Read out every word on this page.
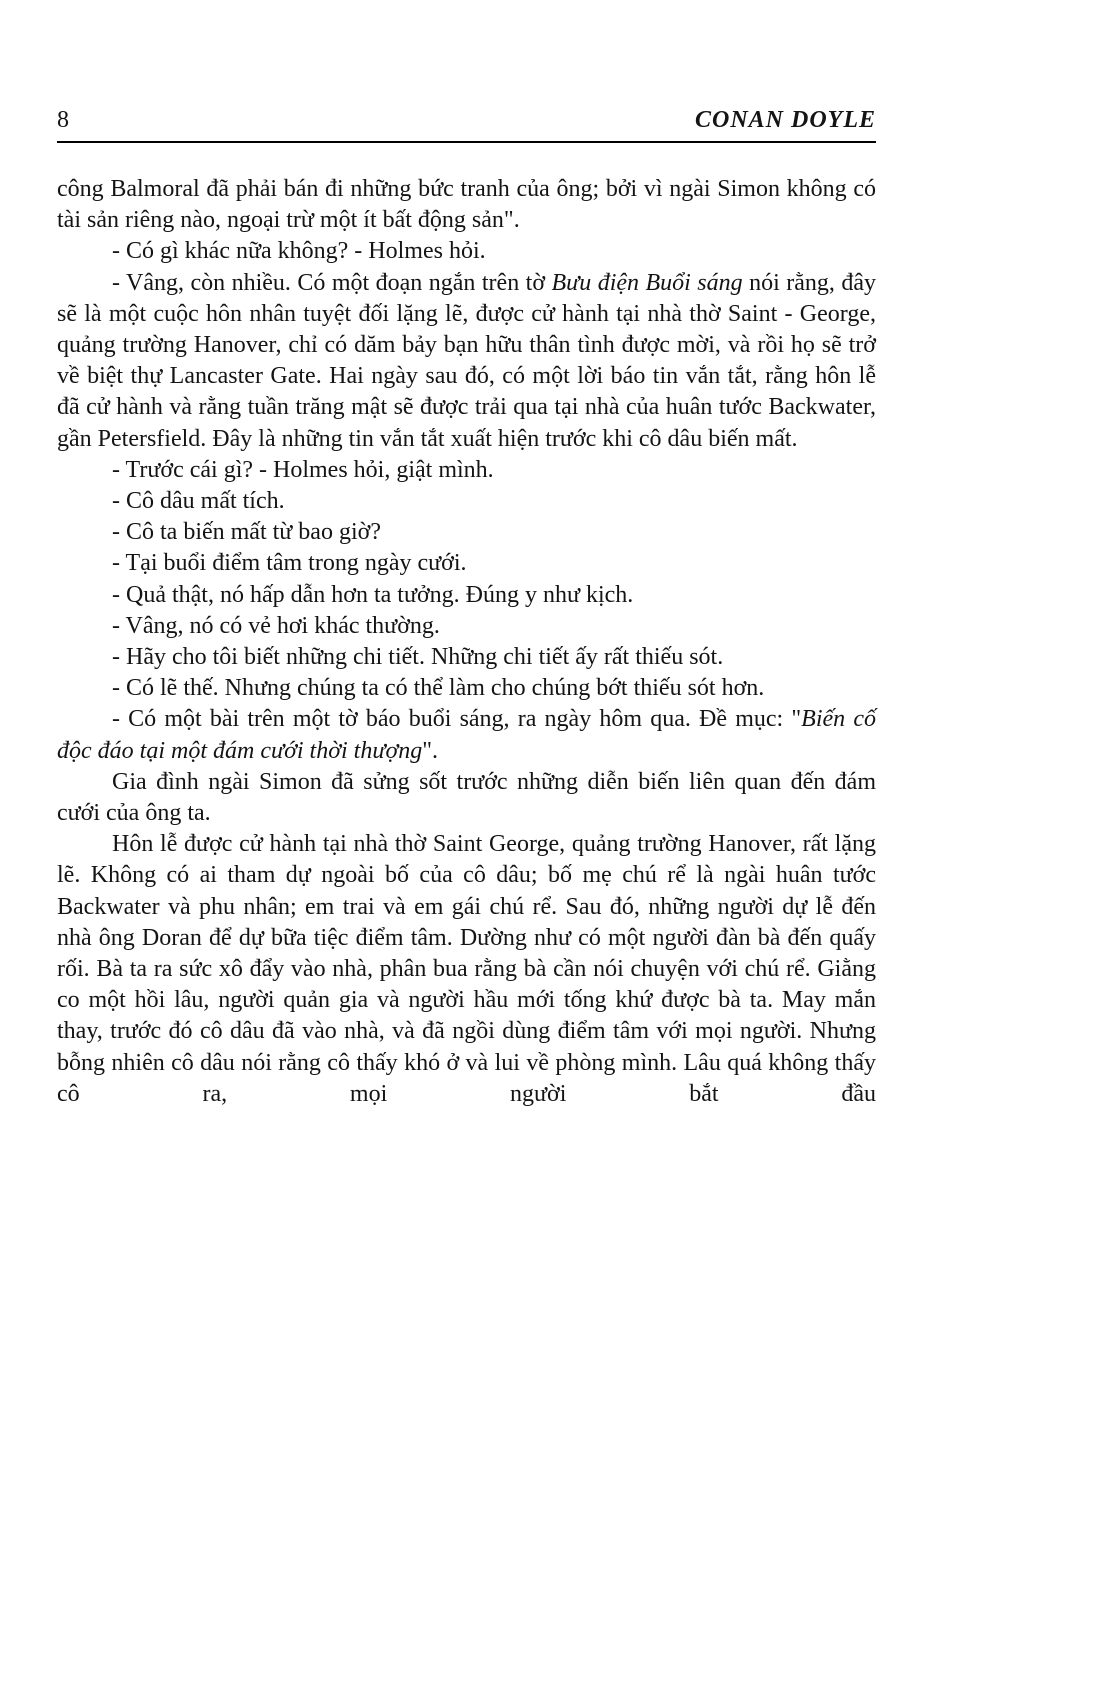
8	CONAN DOYLE

công Balmoral đã phải bán đi những bức tranh của ông; bởi vì ngài Simon không có tài sản riêng nào, ngoại trừ một ít bất động sản".

- Có gì khác nữa không? - Holmes hỏi.

- Vâng, còn nhiều. Có một đoạn ngắn trên tờ Bưu điện Buổi sáng nói rằng, đây sẽ là một cuộc hôn nhân tuyệt đối lặng lẽ, được cử hành tại nhà thờ Saint - George, quảng trường Hanover, chỉ có dăm bảy bạn hữu thân tình được mời, và rồi họ sẽ trở về biệt thự Lancaster Gate. Hai ngày sau đó, có một lời báo tin vắn tắt, rằng hôn lễ đã cử hành và rằng tuần trăng mật sẽ được trải qua tại nhà của huân tước Backwater, gần Petersfield. Đây là những tin vắn tắt xuất hiện trước khi cô dâu biến mất.

- Trước cái gì? - Holmes hỏi, giật mình.

- Cô dâu mất tích.

- Cô ta biến mất từ bao giờ?

- Tại buổi điểm tâm trong ngày cưới.

- Quả thật, nó hấp dẫn hơn ta tưởng. Đúng y như kịch.

- Vâng, nó có vẻ hơi khác thường.

- Hãy cho tôi biết những chi tiết. Những chi tiết ấy rất thiếu sót.

- Có lẽ thế. Nhưng chúng ta có thể làm cho chúng bớt thiếu sót hơn.

- Có một bài trên một tờ báo buổi sáng, ra ngày hôm qua. Đề mục: "Biến cố độc đáo tại một đám cưới thời thượng".

Gia đình ngài Simon đã sửng sốt trước những diễn biến liên quan đến đám cưới của ông ta.

Hôn lễ được cử hành tại nhà thờ Saint George, quảng trường Hanover, rất lặng lẽ. Không có ai tham dự ngoài bố của cô dâu; bố mẹ chú rể là ngài huân tước Backwater và phu nhân; em trai và em gái chú rể. Sau đó, những người dự lễ đến nhà ông Doran để dự bữa tiệc điểm tâm. Dường như có một người đàn bà đến quấy rối. Bà ta ra sức xô đẩy vào nhà, phân bua rằng bà cần nói chuyện với chú rể. Giằng co một hồi lâu, người quản gia và người hầu mới tống khứ được bà ta. May mắn thay, trước đó cô dâu đã vào nhà, và đã ngồi dùng điểm tâm với mọi người. Nhưng bỗng nhiên cô dâu nói rằng cô thấy khó ở và lui về phòng mình. Lâu quá không thấy cô ra, mọi người bắt đầu
